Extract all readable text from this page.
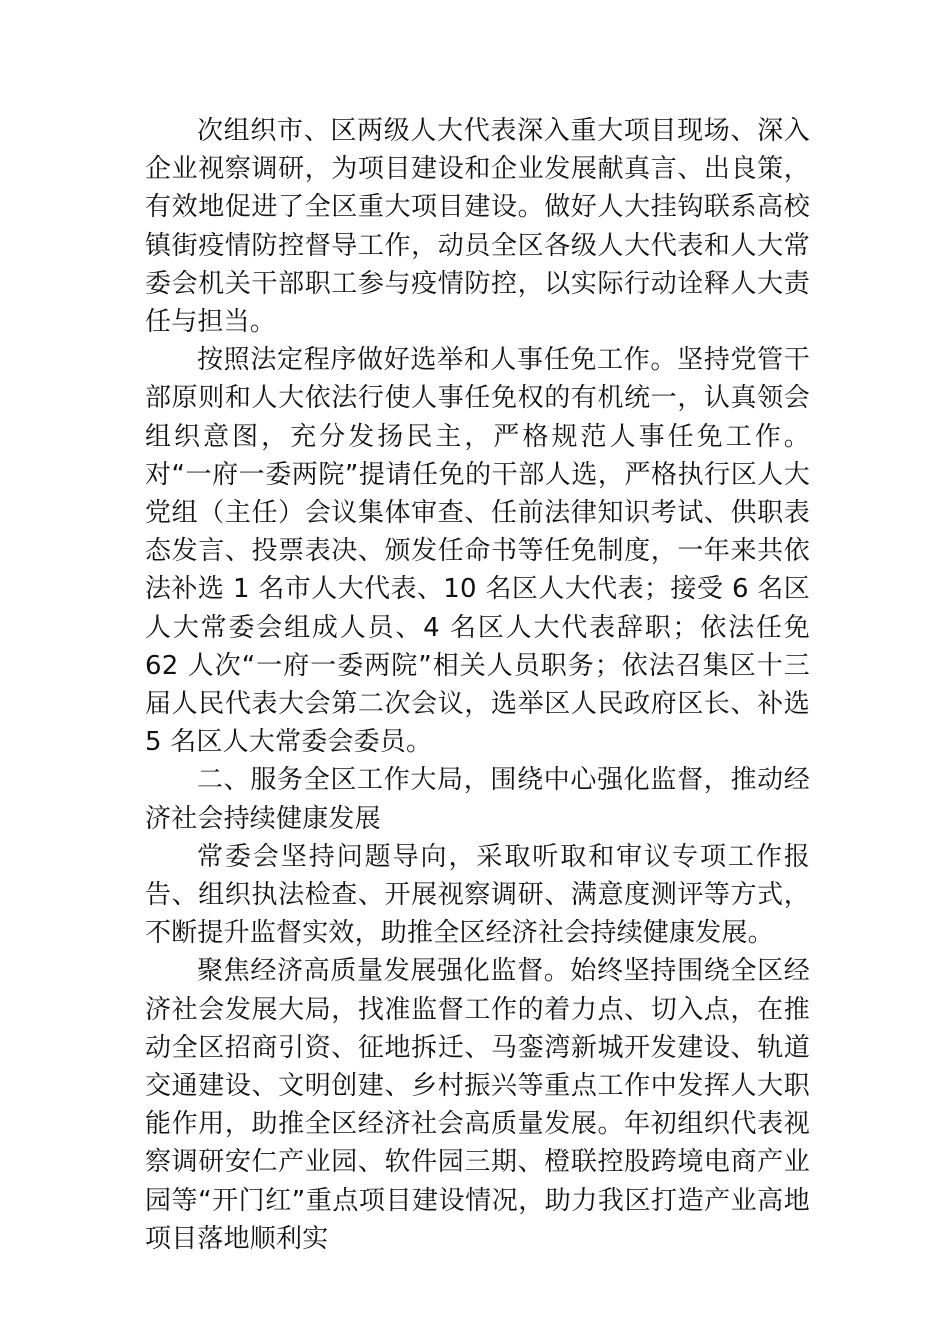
次组织市、区两级人大代表深入重大项目现场、深入企业视察调研，为项目建设和企业发展献真言、出良策，有效地促进了全区重大项目建设。做好人大挂钩联系高校镇街疫情防控督导工作，动员全区各级人大代表和人大常委会机关干部职工参与疫情防控，以实际行动诠释人大责任与担当。

按照法定程序做好选举和人事任免工作。坚持党管干部原则和人大依法行使人事任免权的有机统一，认真领会组织意图，充分发扬民主，严格规范人事任免工作。对“一府一委两院”提请任免的干部人选，严格执行区人大党组（主任）会议集体审查、任前法律知识考试、供职表态发言、投票表决、颁发任命书等任免制度，一年来共依法补选 1 名市人大代表、10 名区人大代表；接受 6 名区人大常委会组成人员、4 名区人大代表辞职；依法任免 62 人次“一府一委两院”相关人员职务；依法召集区十三届人民代表大会第二次会议，选举区人民政府区长、补选 5 名区人大常委会委员。

二、服务全区工作大局，围绕中心强化监督，推动经济社会持续健康发展

常委会坚持问题导向，采取听取和审议专项工作报告、组织执法检查、开展视察调研、满意度测评等方式，不断提升监督实效，助推全区经济社会持续健康发展。

聚焦经济高质量发展强化监督。始终坚持围绕全区经济社会发展大局，找准监督工作的着力点、切入点，在推动全区招商引资、征地拆迁、马銮湾新城开发建设、轨道交通建设、文明创建、乡村振兴等重点工作中发挥人大职能作用，助推全区经济社会高质量发展。年初组织代表视察调研安仁产业园、软件园三期、橙联控股跨境电商产业园等“开门红”重点项目建设情况，助力我区打造产业高地项目落地顺利实
